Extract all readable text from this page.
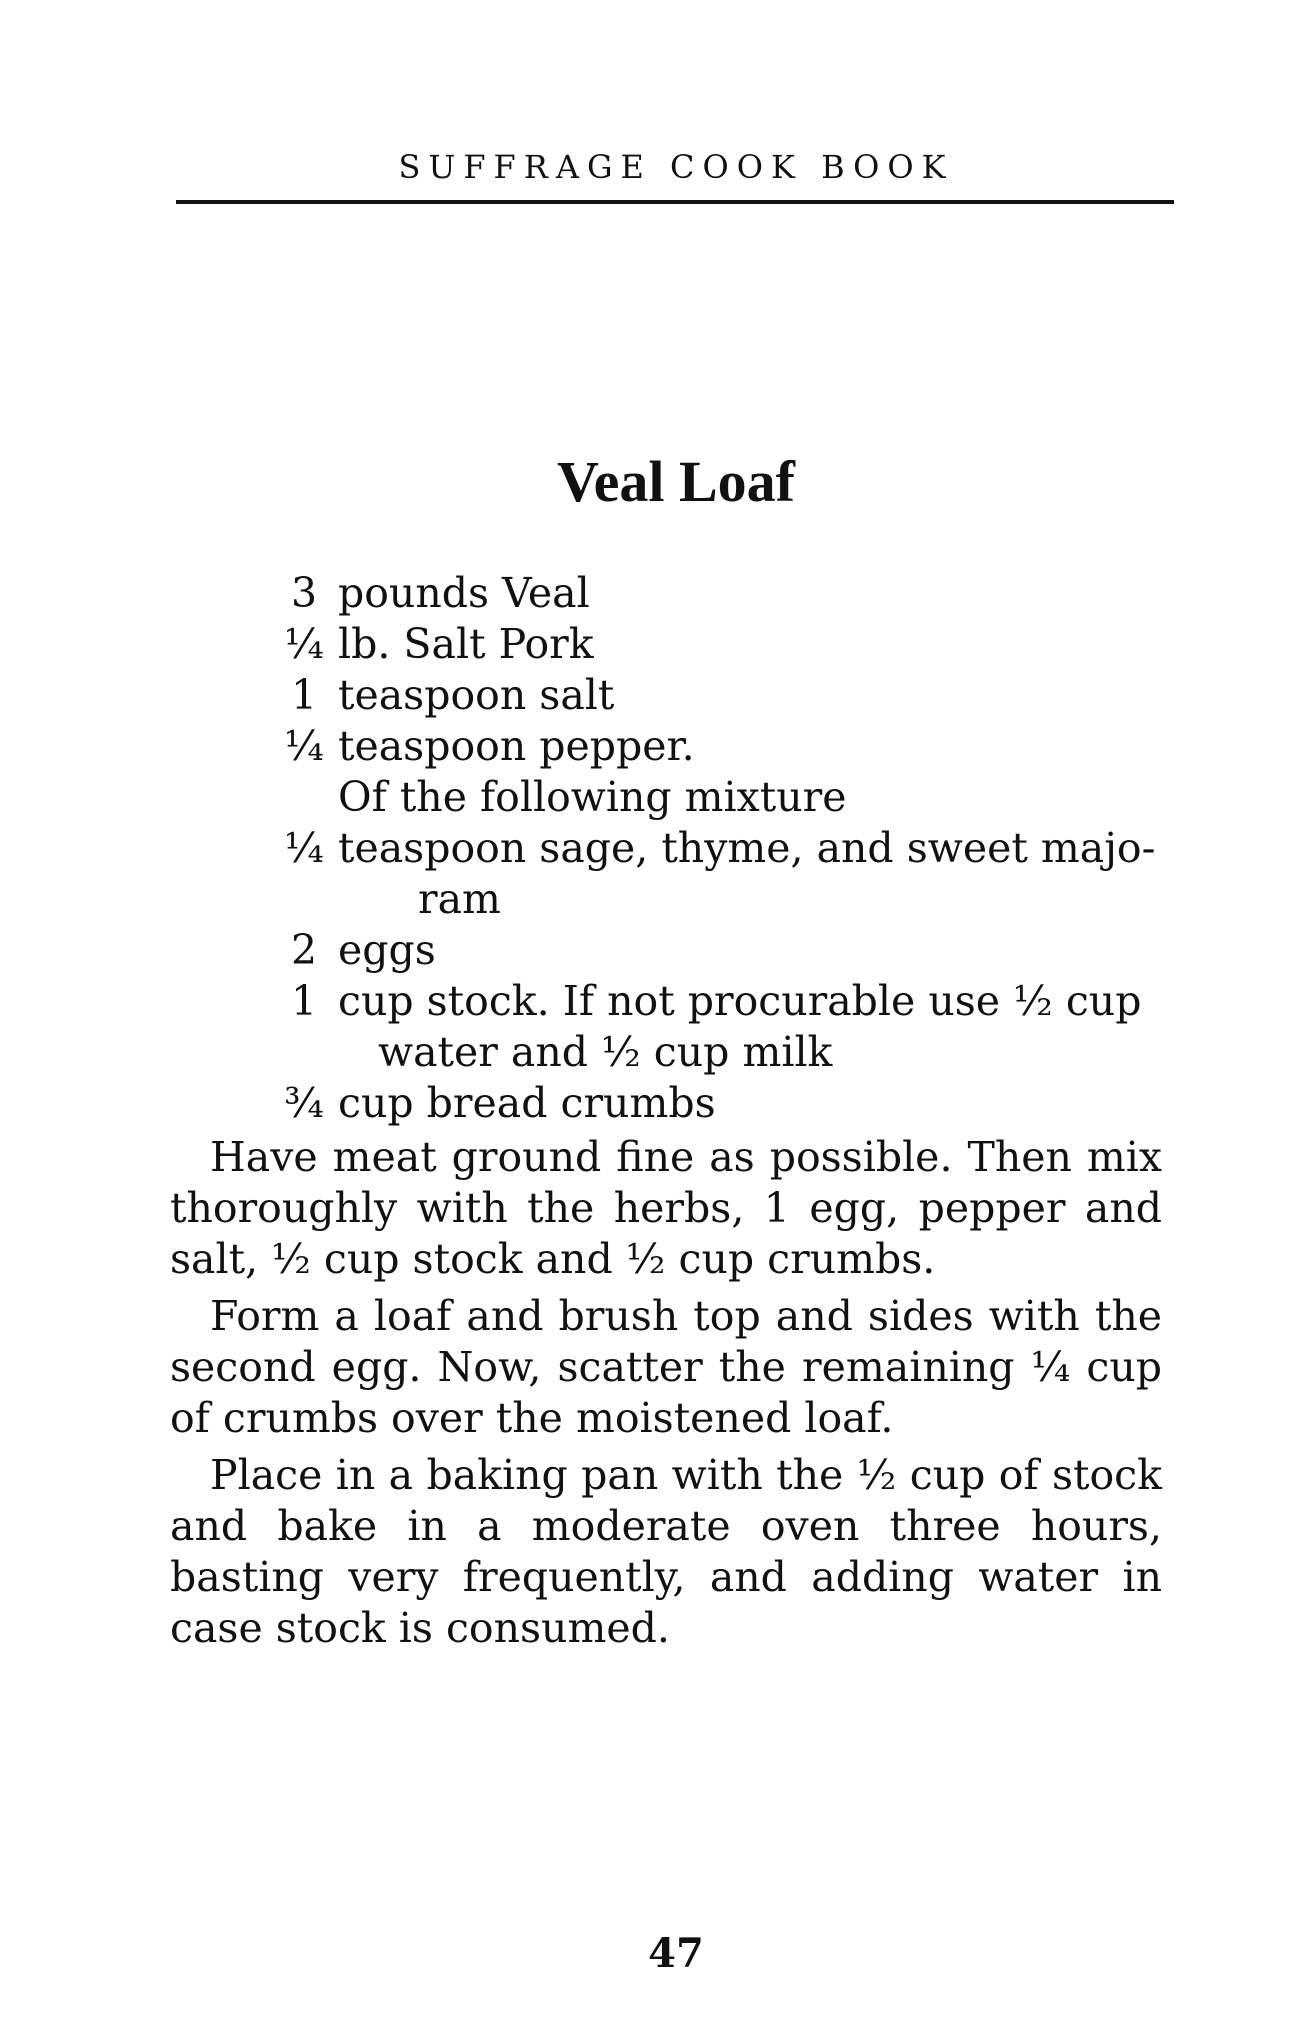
SUFFRAGE COOK BOOK
Veal Loaf
3 pounds Veal
¼ lb. Salt Pork
1 teaspoon salt
¼ teaspoon pepper.
Of the following mixture
¼ teaspoon sage, thyme, and sweet majo-
ram
2 eggs
1 cup stock. If not procurable use ½ cup
water and ½ cup milk
¾ cup bread crumbs

Have meat ground fine as possible. Then mix thoroughly with the herbs, 1 egg, pepper and salt, ½ cup stock and ½ cup crumbs.

Form a loaf and brush top and sides with the second egg. Now, scatter the remaining ¼ cup of crumbs over the moistened loaf.

Place in a baking pan with the ½ cup of stock and bake in a moderate oven three hours, basting very frequently, and adding water in case stock is consumed.

47
